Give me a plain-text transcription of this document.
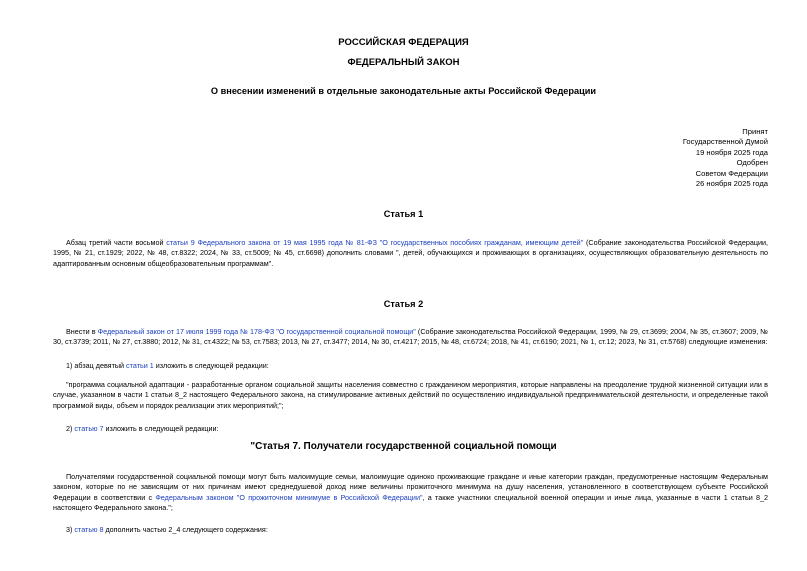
РОССИЙСКАЯ ФЕДЕРАЦИЯ
ФЕДЕРАЛЬНЫЙ ЗАКОН
О внесении изменений в отдельные законодательные акты Российской Федерации
Принят
Государственной Думой
19 ноября 2025 года
Одобрен
Советом Федерации
26 ноября 2025 года
Статья 1
Абзац третий части восьмой статьи 9 Федерального закона от 19 мая 1995 года № 81-ФЗ "О государственных пособиях гражданам, имеющим детей" (Собрание законодательства Российской Федерации, 1995, № 21, ст.1929; 2022, № 48, ст.8322; 2024, № 33, ст.5009; № 45, ст.6698) дополнить словами ", детей, обучающихся и проживающих в организациях, осуществляющих образовательную деятельность по адаптированным основным общеобразовательным программам".
Статья 2
Внести в Федеральный закон от 17 июля 1999 года № 178-ФЗ "О государственной социальной помощи" (Собрание законодательства Российской Федерации, 1999, № 29, ст.3699; 2004, № 35, ст.3607; 2009, № 30, ст.3739; 2011, № 27, ст.3880; 2012, № 31, ст.4322; № 53, ст.7583; 2013, № 27, ст.3477; 2014, № 30, ст.4217; 2015, № 48, ст.6724; 2018, № 41, ст.6190; 2021, № 1, ст.12; 2023, № 31, ст.5768) следующие изменения:
1) абзац девятый статьи 1 изложить в следующей редакции:
"программа социальной адаптации - разработанные органом социальной защиты населения совместно с гражданином мероприятия, которые направлены на преодоление трудной жизненной ситуации или в случае, указанном в части 1 статьи 8_2 настоящего Федерального закона, на стимулирование активных действий по осуществлению индивидуальной предпринимательской деятельности, и определенные такой программой виды, объем и порядок реализации этих мероприятий;";
2) статью 7 изложить в следующей редакции:
"Статья 7. Получатели государственной социальной помощи
Получателями государственной социальной помощи могут быть малоимущие семьи, малоимущие одиноко проживающие граждане и иные категории граждан, предусмотренные настоящим Федеральным законом, которые по не зависящим от них причинам имеют среднедушевой доход ниже величины прожиточного минимума на душу населения, установленного в соответствующем субъекте Российской Федерации в соответствии с Федеральным законом "О прожиточном минимуме в Российской Федерации", а также участники специальной военной операции и иные лица, указанные в части 1 статьи 8_2 настоящего Федерального закона.";
3) статью 8 дополнить частью 2_4 следующего содержания:
